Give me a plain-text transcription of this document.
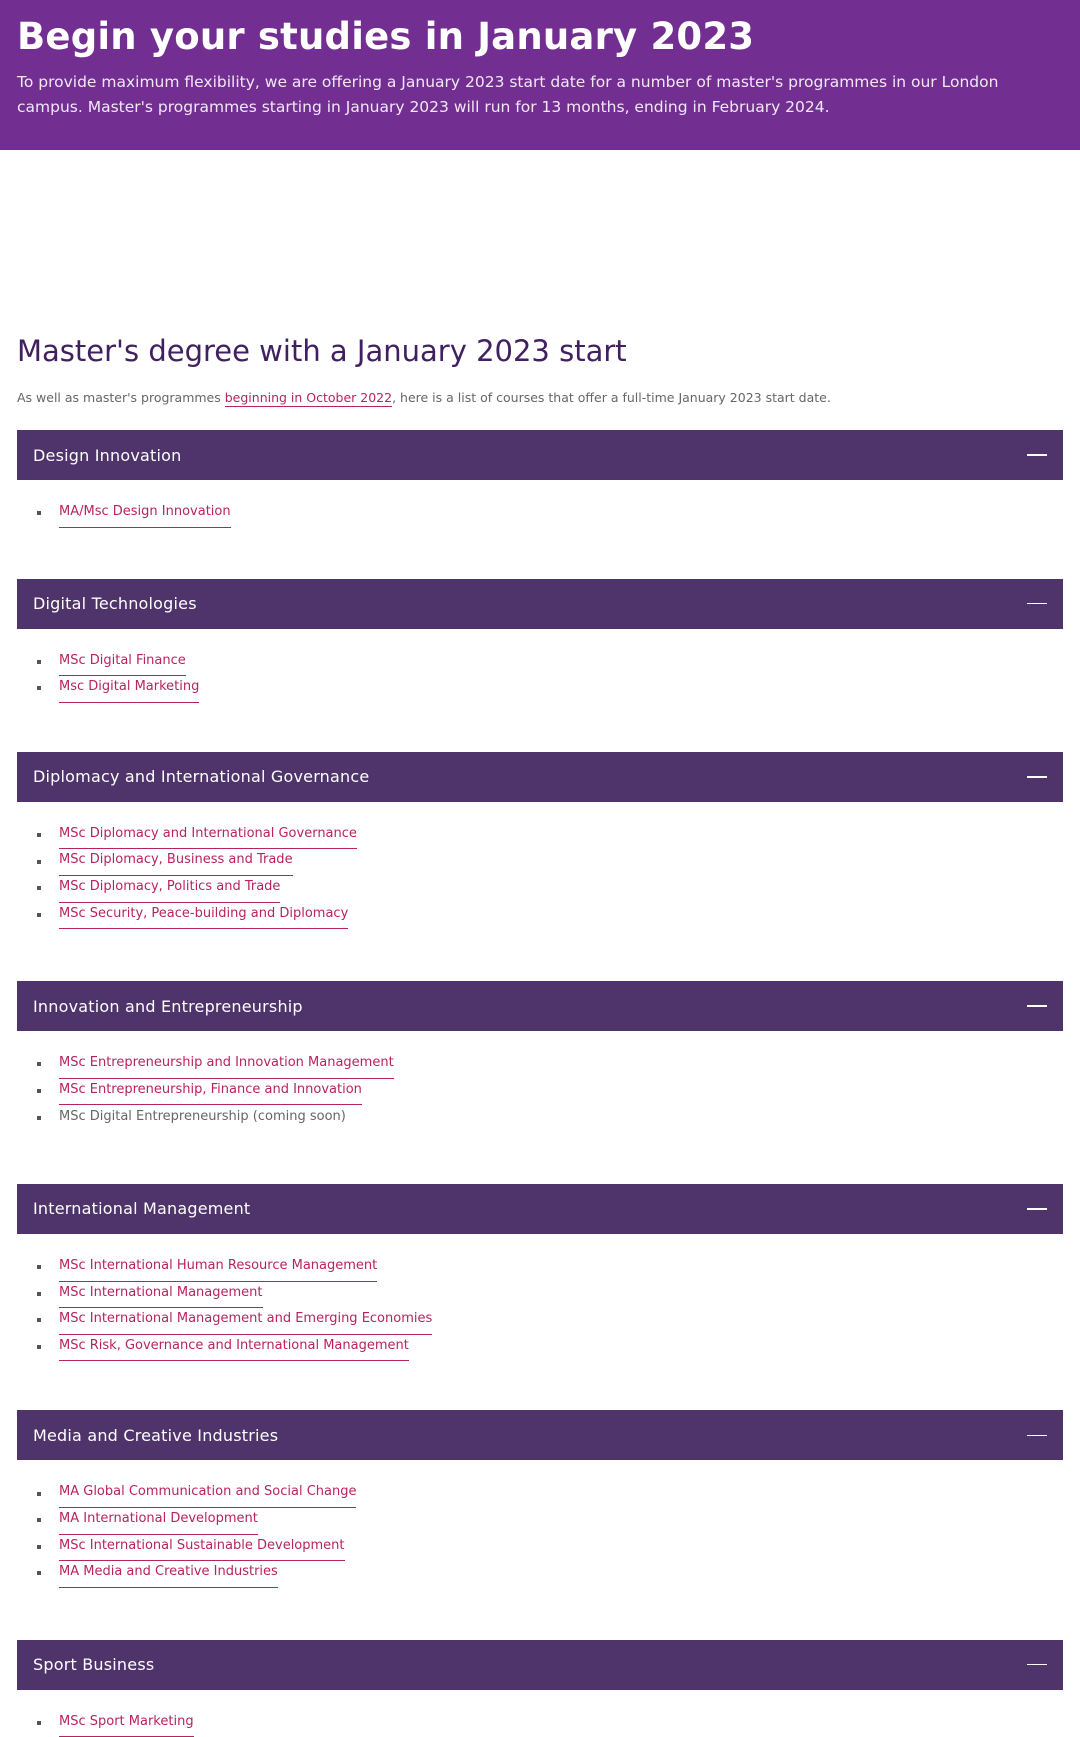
Begin your studies in January 2023

To provide maximum flexibility, we are offering a January 2023 start date for a number of master's programmes in our London campus. Master's programmes starting in January 2023 will run for 13 months, ending in February 2024.

Master's degree with a January 2023 start

As well as master's programmes beginning in October 2022, here is a list of courses that offer a full-time January 2023 start date.

Design Innovation
MA/Msc Design Innovation
Digital Technologies
MSc Digital Finance
Msc Digital Marketing
Diplomacy and International Governance
MSc Diplomacy and International Governance
MSc Diplomacy, Business and Trade
MSc Diplomacy, Politics and Trade
MSc Security, Peace-building and Diplomacy
Innovation and Entrepreneurship
MSc Entrepreneurship and Innovation Management
MSc Entrepreneurship, Finance and Innovation
MSc Digital Entrepreneurship (coming soon)
International Management
MSc International Human Resource Management
MSc International Management
MSc International Management and Emerging Economies
MSc Risk, Governance and International Management
Media and Creative Industries
MA Global Communication and Social Change
MA International Development
MSc International Sustainable Development
MA Media and Creative Industries
Sport Business
MSc Sport Marketing
